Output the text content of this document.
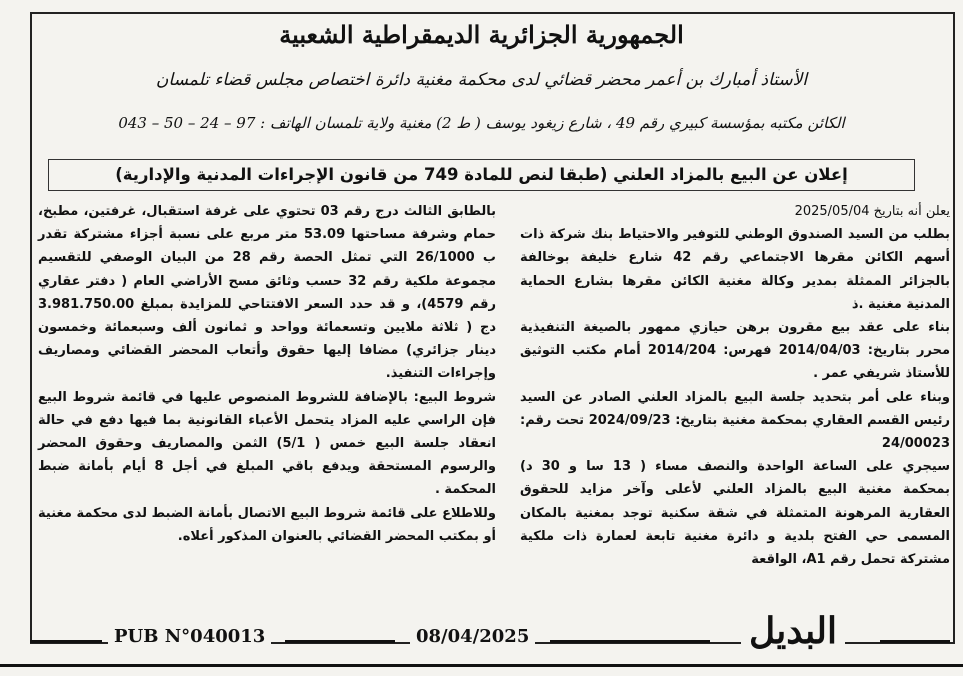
الجمهورية الجزائرية الديمقراطية الشعبية
الأستاذ أمبارك بن أعمر محضر قضائي لدى محكمة مغنية دائرة اختصاص مجلس قضاء تلمسان
الكائن مكتبه بمؤسسة كبيري رقم 49 ، شارع زيغود يوسف ( ط 2) مغنية ولاية تلمسان الهاتف : 97 – 24 – 50 – 043
إعلان عن البيع بالمزاد العلني (طبقا لنص للمادة 749 من قانون الإجراءات المدنية والإدارية)

يعلن أنه بتاريخ 2025/05/04

بطلب من السيد الصندوق الوطني للتوفير والاحتياط بنك شركة ذات أسهم الكائن مقرها الاجتماعي رقم 42 شارع خليفة بوخالفة بالجزائر الممثلة بمدير وكالة مغنية الكائن مقرها بشارع الحماية المدنية مغنية .ذ

بناء على عقد بيع مقرون برهن حيازي ممهور بالصيغة التنفيذية محرر بتاريخ: 2014/04/03 فهرس: 2014/204 أمام مكتب التوثيق للأستاذ شريفي عمر .

وبناء على أمر بتحديد جلسة البيع بالمزاد العلني الصادر عن السيد رئيس القسم العقاري بمحكمة مغنية بتاريخ: 2024/09/23 تحت رقم: 24/00023

سيجري على الساعة الواحدة والنصف مساء ( 13 سا و 30 د) بمحكمة مغنية البيع بالمزاد العلني لأعلى وآخر مزايد للحقوق العقارية المرهونة المتمثلة في شقة سكنية توجد بمغنية بالمكان المسمى حي الفتح بلدية و دائرة مغنية تابعة لعمارة ذات ملكية مشتركة تحمل رقم A1، الواقعة

بالطابق الثالث درج رقم 03 تحتوي على غرفة استقبال، غرفتين، مطبخ، حمام وشرفة مساحتها 53.09 متر مربع على نسبة أجزاء مشتركة تقدر ب 26/1000 التي تمثل الحصة رقم 28 من البيان الوصفي للتقسيم مجموعة ملكية رقم 32 حسب وثائق مسح الأراضي العام ( دفتر عقاري رقم 4579)، و قد حدد السعر الافتتاحي للمزايدة بمبلغ 3.981.750.00 دج ( ثلاثة ملايين وتسعمائة وواحد و ثمانون ألف وسبعمائة وخمسون دينار جزائري) مضافا إليها حقوق وأتعاب المحضر القضائي ومصاريف وإجراءات التنفيذ.

شروط البيع: بالإضافة للشروط المنصوص عليها في قائمة شروط البيع فإن الراسي عليه المزاد يتحمل الأعباء القانونية بما فيها دفع في حالة انعقاد جلسة البيع خمس ( 5/1) الثمن والمصاريف وحقوق المحضر والرسوم المستحقة ويدفع باقي المبلغ في أجل 8 أيام بأمانة ضبط المحكمة .

وللاطلاع على قائمة شروط البيع الاتصال بأمانة الضبط لدى محكمة مغنية أو بمكتب المحضر القضائي بالعنوان المذكور أعلاه.

PUB N°040013	08/04/2025	البديل
